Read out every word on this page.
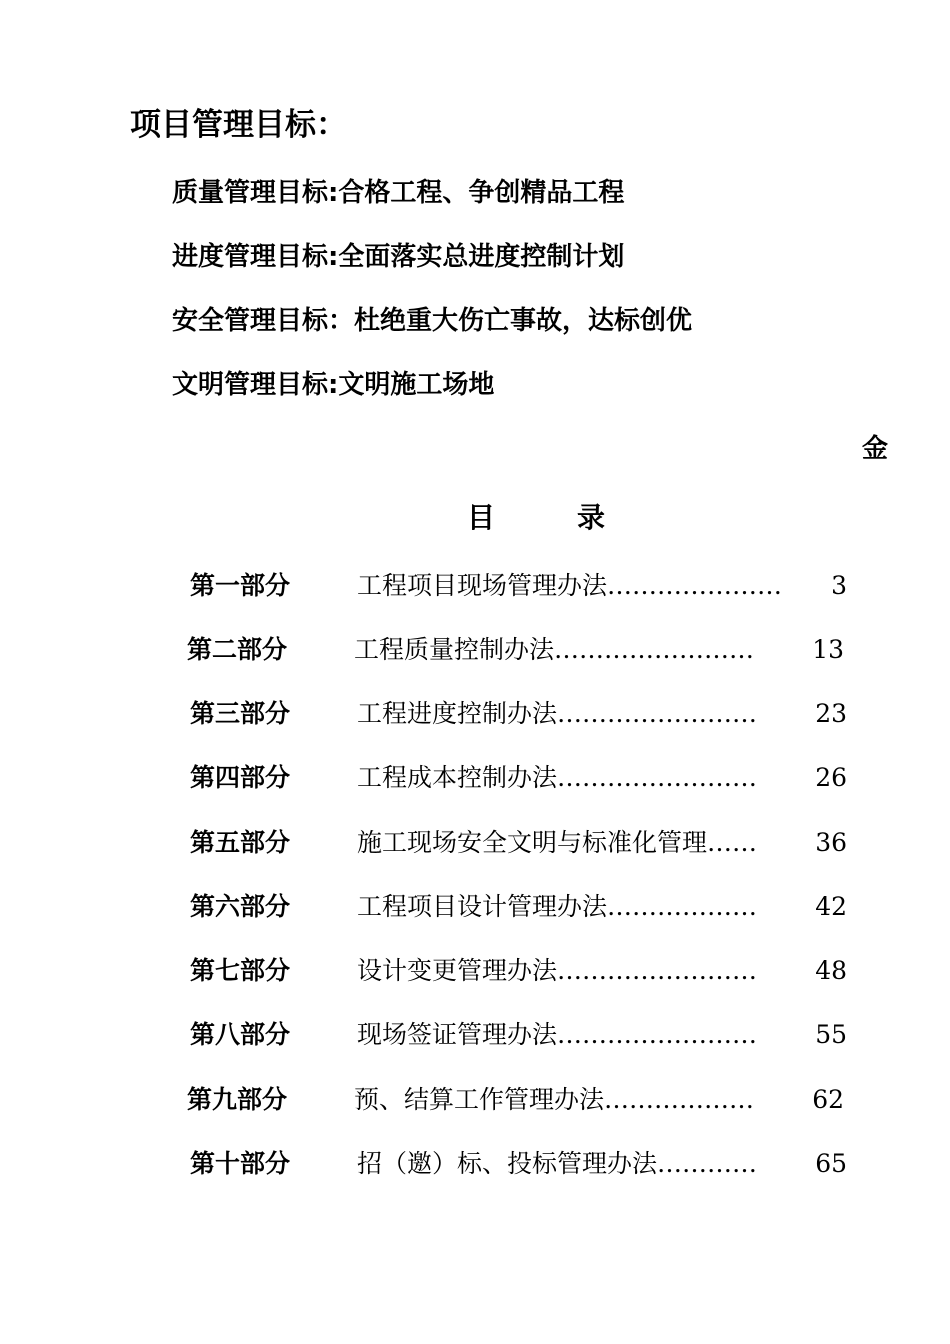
项目管理目标：
质量管理目标:合格工程、争创精品工程
进度管理目标:全面落实总进度控制计划
安全管理目标：杜绝重大伤亡事故，达标创优
文明管理目标:文明施工场地
金
目录
第一部分	工程项目现场管理办法………………… 3
第二部分	工程质量控制办法…………………… 13
第三部分	工程进度控制办法…………………… 23
第四部分	工程成本控制办法…………………… 26
第五部分	施工现场安全文明与标准化管理…… 36
第六部分	工程项目设计管理办法……………… 42
第七部分	设计变更管理办法…………………… 48
第八部分	现场签证管理办法…………………… 55
第九部分	预、结算工作管理办法……………… 62
第十部分	招（邀）标、投标管理办法………… 65
